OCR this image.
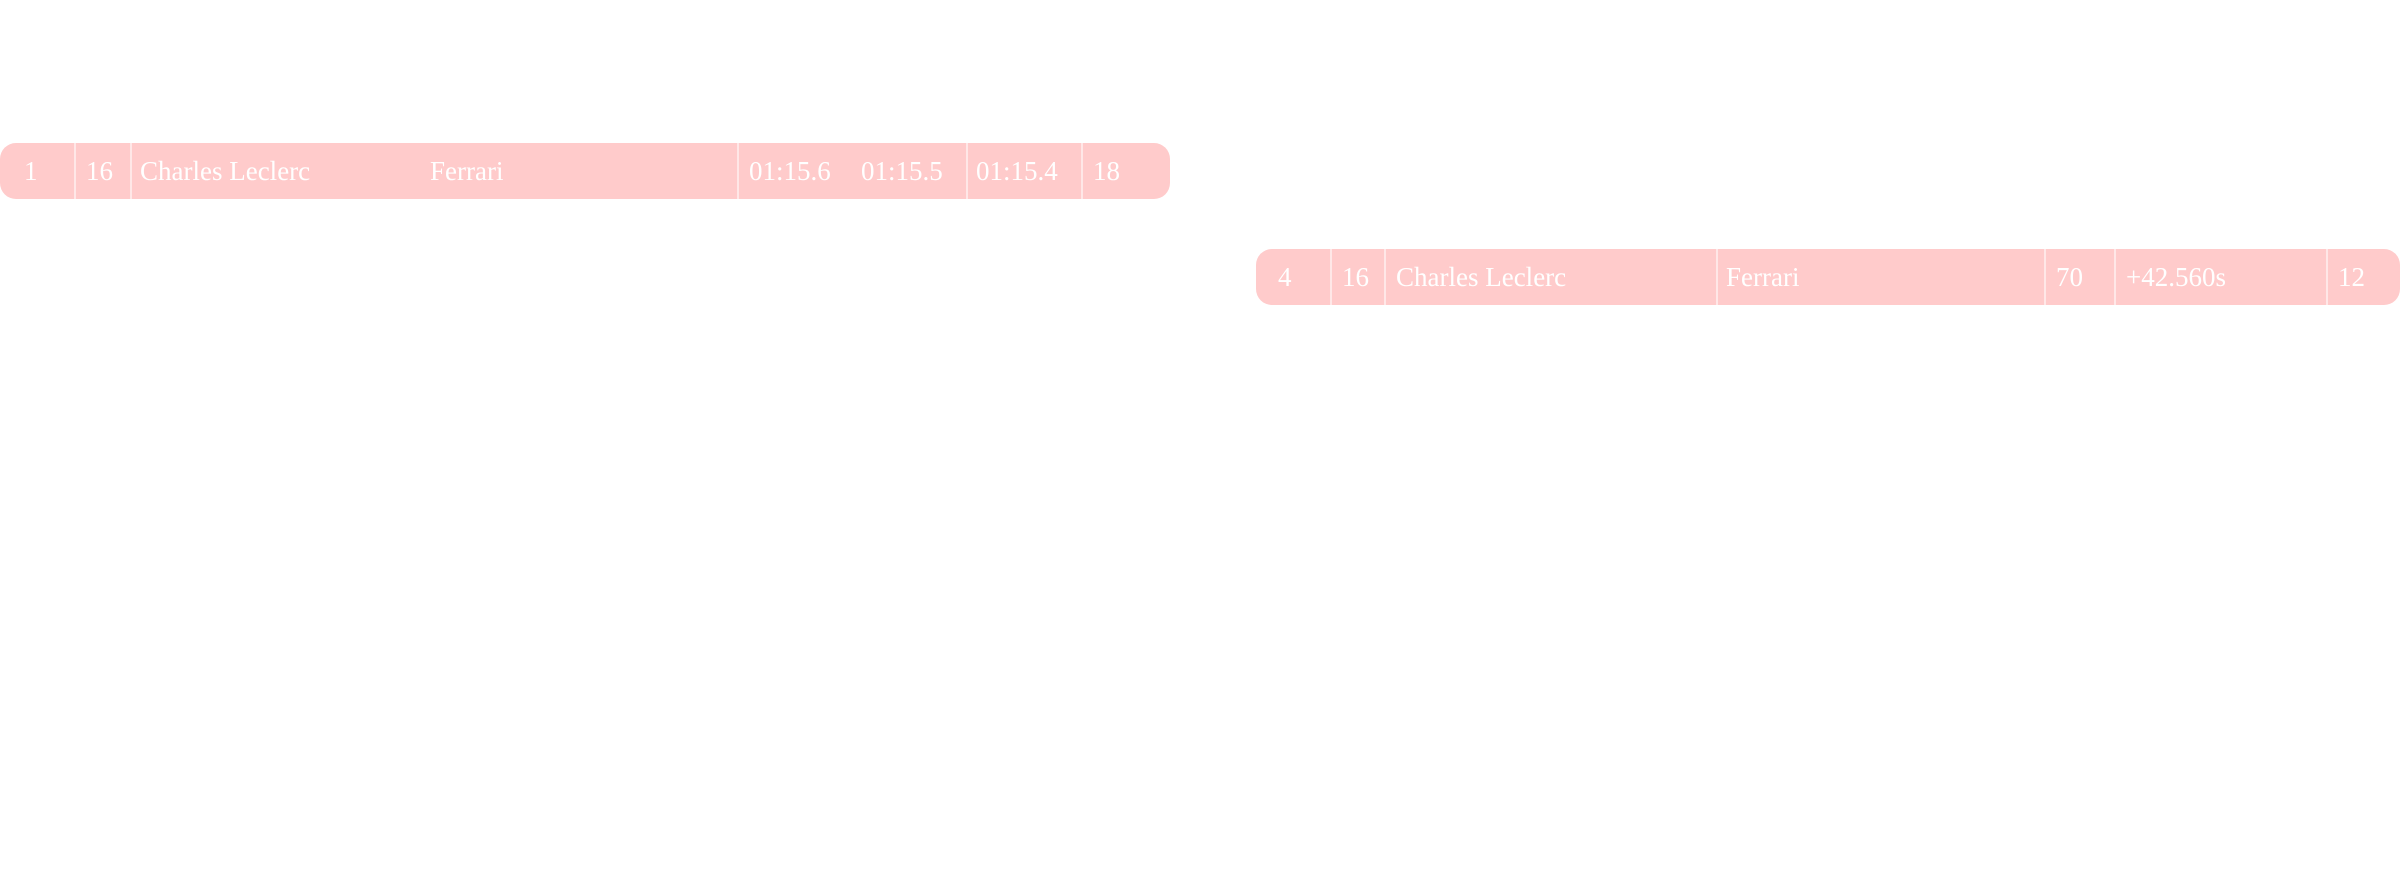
1	16	Charles Leclerc	Ferrari	01:15.6	01:15.5	01:15.4	18
4	16	Charles Leclerc	Ferrari	70	+42.560s	12
